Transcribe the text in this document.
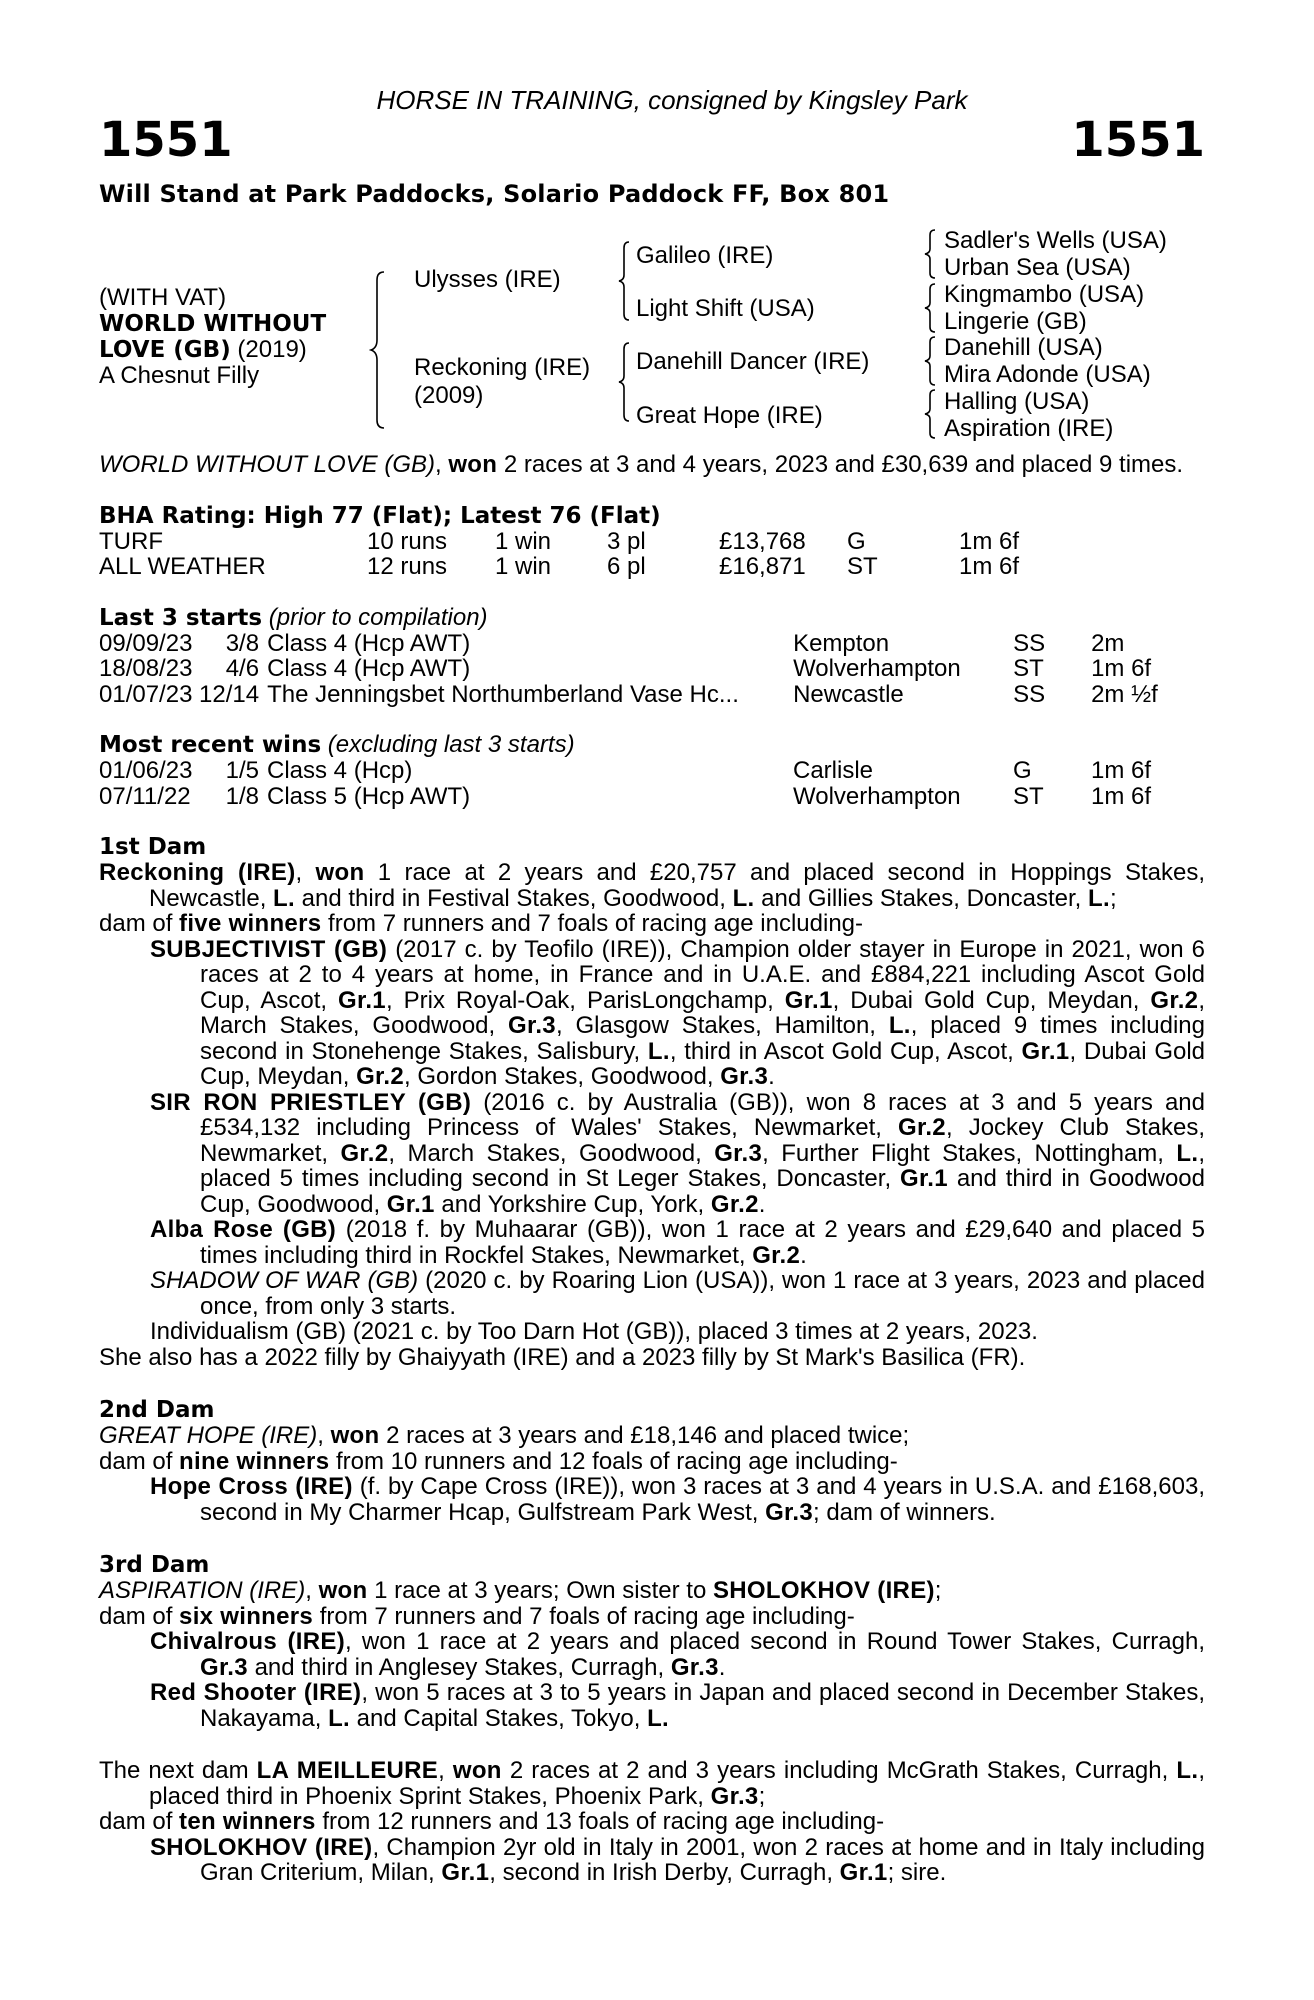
HORSE IN TRAINING, consigned by Kingsley Park
1551	1551
Will Stand at Park Paddocks, Solario Paddock FF, Box 801
(WITH VAT)
WORLD WITHOUT
LOVE (GB) (2019)
A Chesnut Filly
Ulysses (IRE)
Reckoning (IRE)
(2009)
Galileo (IRE)
Light Shift (USA)
Danehill Dancer (IRE)
Great Hope (IRE)
Sadler's Wells (USA)
Urban Sea (USA)
Kingmambo (USA)
Lingerie (GB)
Danehill (USA)
Mira Adonde (USA)
Halling (USA)
Aspiration (IRE)
WORLD WITHOUT LOVE (GB), won 2 races at 3 and 4 years, 2023 and £30,639 and placed 9 times.
BHA Rating: High 77 (Flat); Latest 76 (Flat)
TURF	10 runs	1 win	3 pl	£13,768	G	1m 6f
ALL WEATHER	12 runs	1 win	6 pl	£16,871	ST	1m 6f
Last 3 starts (prior to compilation)
09/09/23	3/8	Class 4 (Hcp AWT)	Kempton	SS	2m
18/08/23	4/6	Class 4 (Hcp AWT)	Wolverhampton	ST	1m 6f
01/07/23	12/14	The Jenningsbet Northumberland Vase Hc...	Newcastle	SS	2m ½f
Most recent wins (excluding last 3 starts)
01/06/23	1/5	Class 4 (Hcp)	Carlisle	G	1m 6f
07/11/22	1/8	Class 5 (Hcp AWT)	Wolverhampton	ST	1m 6f
1st Dam
Reckoning (IRE), won 1 race at 2 years and £20,757 and placed second in Hoppings Stakes, Newcastle, L. and third in Festival Stakes, Goodwood, L. and Gillies Stakes, Doncaster, L.;
dam of five winners from 7 runners and 7 foals of racing age including-
SUBJECTIVIST (GB) (2017 c. by Teofilo (IRE)), Champion older stayer in Europe in 2021, won 6 races at 2 to 4 years at home, in France and in U.A.E. and £884,221 including Ascot Gold Cup, Ascot, Gr.1, Prix Royal-Oak, ParisLongchamp, Gr.1, Dubai Gold Cup, Meydan, Gr.2, March Stakes, Goodwood, Gr.3, Glasgow Stakes, Hamilton, L., placed 9 times including second in Stonehenge Stakes, Salisbury, L., third in Ascot Gold Cup, Ascot, Gr.1, Dubai Gold Cup, Meydan, Gr.2, Gordon Stakes, Goodwood, Gr.3.
SIR RON PRIESTLEY (GB) (2016 c. by Australia (GB)), won 8 races at 3 and 5 years and £534,132 including Princess of Wales' Stakes, Newmarket, Gr.2, Jockey Club Stakes, Newmarket, Gr.2, March Stakes, Goodwood, Gr.3, Further Flight Stakes, Nottingham, L., placed 5 times including second in St Leger Stakes, Doncaster, Gr.1 and third in Goodwood Cup, Goodwood, Gr.1 and Yorkshire Cup, York, Gr.2.
Alba Rose (GB) (2018 f. by Muhaarar (GB)), won 1 race at 2 years and £29,640 and placed 5 times including third in Rockfel Stakes, Newmarket, Gr.2.
SHADOW OF WAR (GB) (2020 c. by Roaring Lion (USA)), won 1 race at 3 years, 2023 and placed once, from only 3 starts.
Individualism (GB) (2021 c. by Too Darn Hot (GB)), placed 3 times at 2 years, 2023.
She also has a 2022 filly by Ghaiyyath (IRE) and a 2023 filly by St Mark's Basilica (FR).
2nd Dam
GREAT HOPE (IRE), won 2 races at 3 years and £18,146 and placed twice;
dam of nine winners from 10 runners and 12 foals of racing age including-
Hope Cross (IRE) (f. by Cape Cross (IRE)), won 3 races at 3 and 4 years in U.S.A. and £168,603, second in My Charmer Hcap, Gulfstream Park West, Gr.3; dam of winners.
3rd Dam
ASPIRATION (IRE), won 1 race at 3 years; Own sister to SHOLOKHOV (IRE);
dam of six winners from 7 runners and 7 foals of racing age including-
Chivalrous (IRE), won 1 race at 2 years and placed second in Round Tower Stakes, Curragh, Gr.3 and third in Anglesey Stakes, Curragh, Gr.3.
Red Shooter (IRE), won 5 races at 3 to 5 years in Japan and placed second in December Stakes, Nakayama, L. and Capital Stakes, Tokyo, L.
The next dam LA MEILLEURE, won 2 races at 2 and 3 years including McGrath Stakes, Curragh, L., placed third in Phoenix Sprint Stakes, Phoenix Park, Gr.3;
dam of ten winners from 12 runners and 13 foals of racing age including-
SHOLOKHOV (IRE), Champion 2yr old in Italy in 2001, won 2 races at home and in Italy including Gran Criterium, Milan, Gr.1, second in Irish Derby, Curragh, Gr.1; sire.
